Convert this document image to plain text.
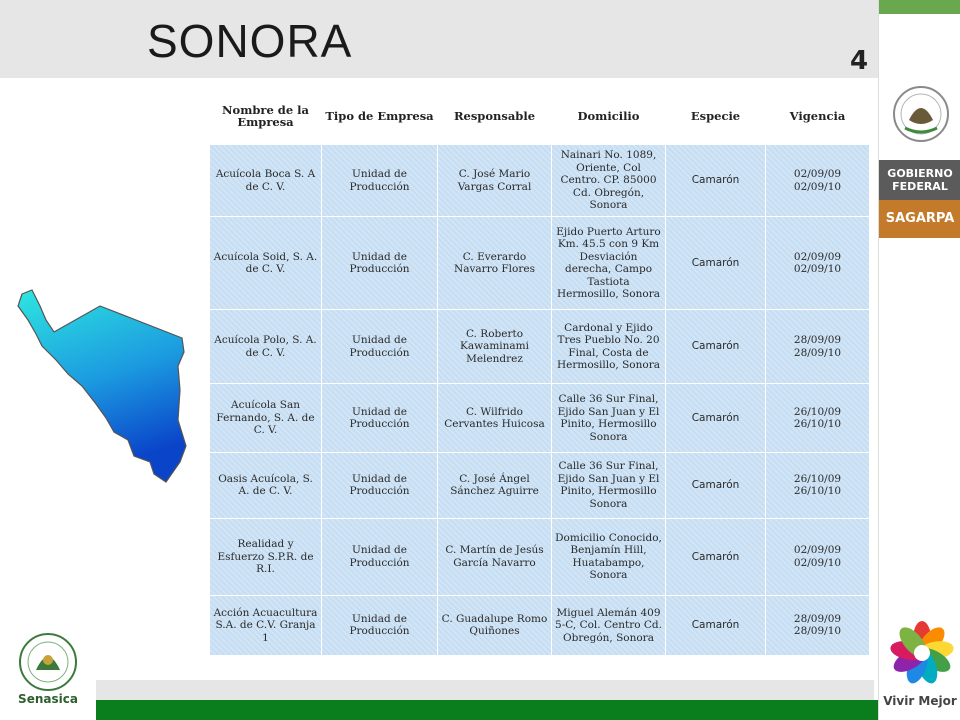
SONORA	4
GOBIERNO
FEDERAL
SAGARPA
Vivir Mejor
Nombre de la Empresa	Tipo de Empresa	Responsable	Domicilio	Especie	Vigencia
Acuícola Boca S. A de C. V.	Unidad de Producción	C. José Mario Vargas Corral	Nainari No. 1089, Oriente, Col Centro. CP. 85000 Cd. Obregón, Sonora	Camarón	02/09/09
02/09/10
Acuícola Soid, S. A. de C. V.	Unidad de Producción	C. Everardo Navarro Flores	Ejido Puerto Arturo Km. 45.5 con 9 Km Desviación derecha, Campo Tastiota Hermosillo, Sonora	Camarón	02/09/09
02/09/10
Acuícola Polo, S. A. de C. V.	Unidad de Producción	C. Roberto Kawaminami Melendrez	Cardonal y Ejido Tres Pueblo No. 20 Final, Costa de Hermosillo, Sonora	Camarón	28/09/09
28/09/10
Acuícola San Fernando, S. A. de C. V.	Unidad de Producción	C. Wilfrido Cervantes Huicosa	Calle 36 Sur Final, Ejido San Juan y El Pinito, Hermosillo Sonora	Camarón	26/10/09
26/10/10
Oasis Acuícola, S. A. de C. V.	Unidad de Producción	C. José Ángel Sánchez Aguirre	Calle 36 Sur Final, Ejido San Juan y El Pinito, Hermosillo Sonora	Camarón	26/10/09
26/10/10
Realidad y Esfuerzo S.P.R. de R.I.	Unidad de Producción	C. Martín de Jesús García Navarro	Domicilio Conocido, Benjamín Hill, Huatabampo, Sonora	Camarón	02/09/09
02/09/10
Acción Acuacultura S.A. de C.V. Granja 1	Unidad de Producción	C. Guadalupe Romo Quiñones	Miguel Alemán 409 5-C, Col. Centro Cd. Obregón, Sonora	Camarón	28/09/09
28/09/10
Senasica
